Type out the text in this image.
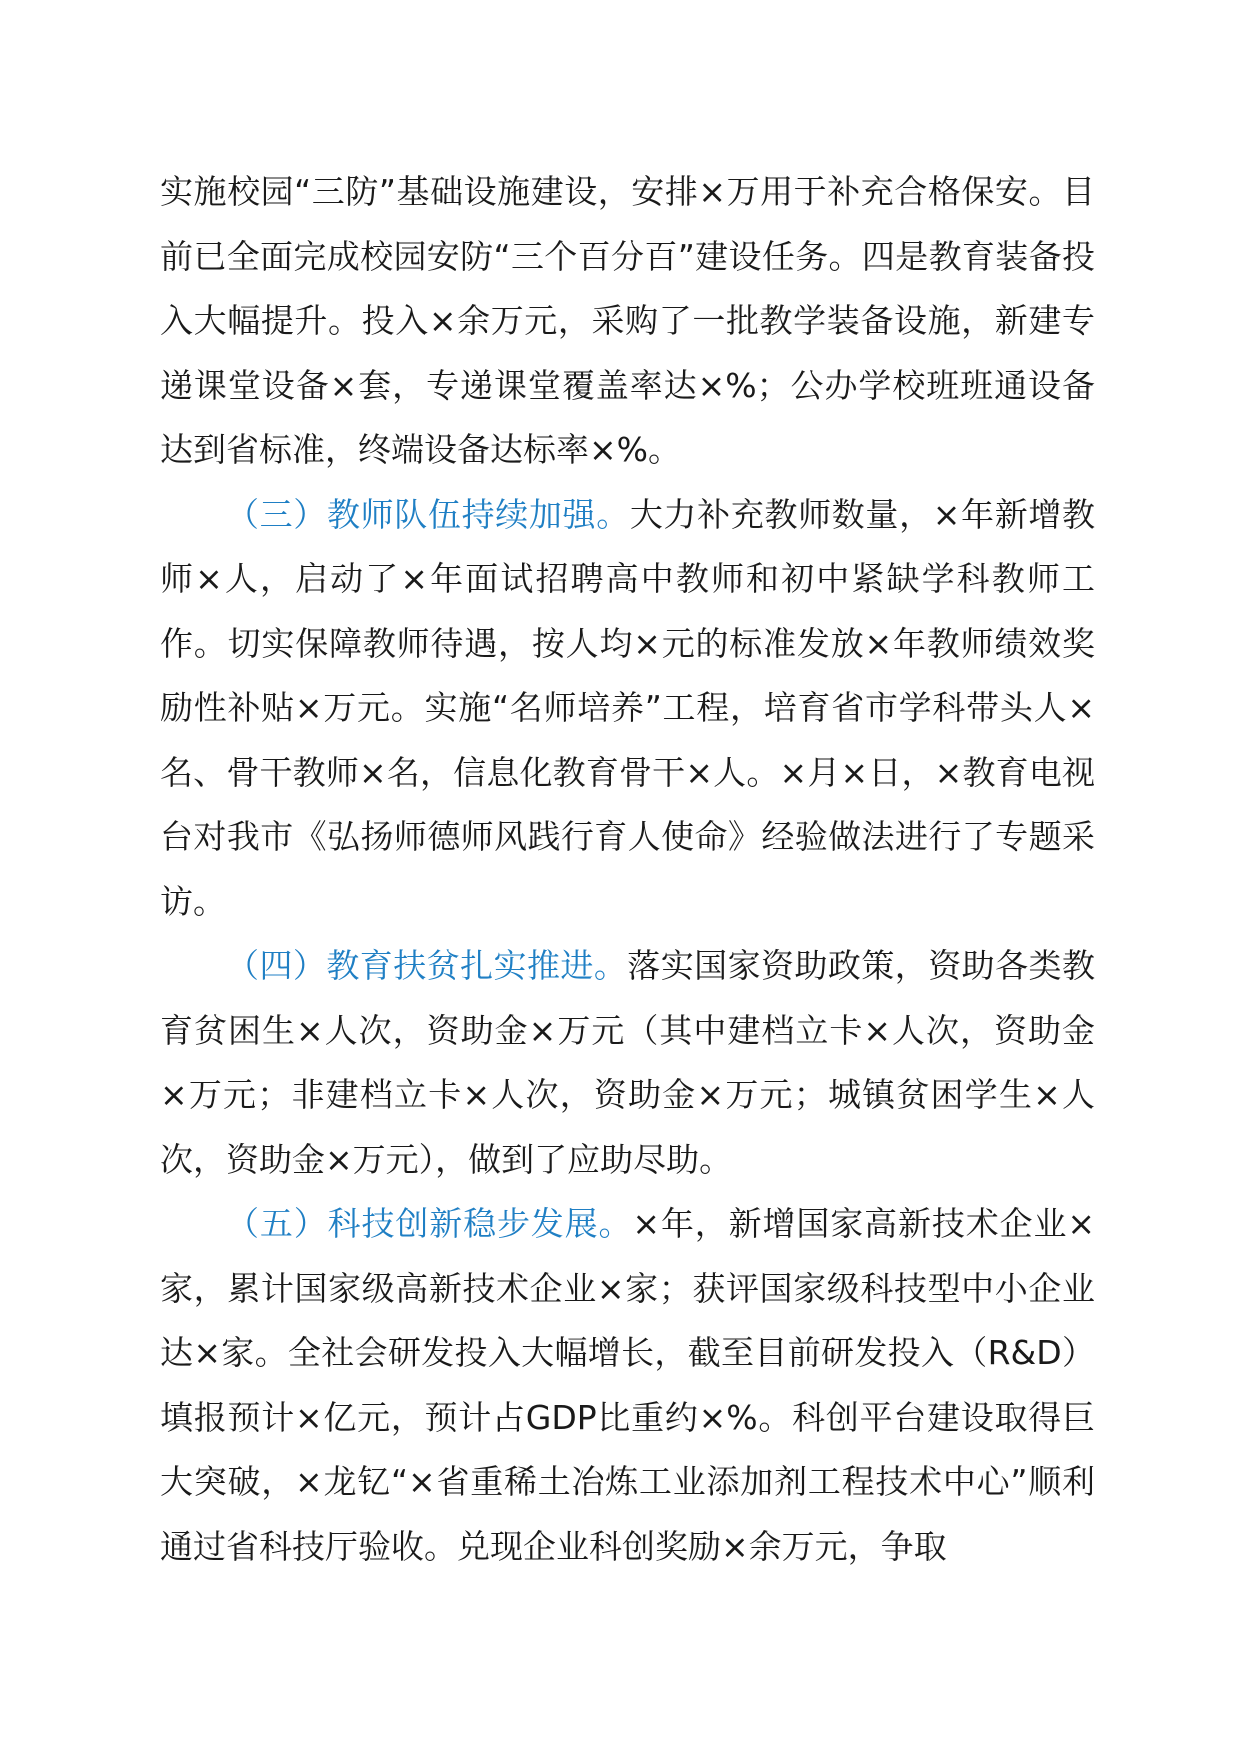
实施校园“三防”基础设施建设，安排×万用于补充合格保安。目前已全面完成校园安防“三个百分百”建设任务。四是教育装备投入大幅提升。投入×余万元，采购了一批教学装备设施，新建专递课堂设备×套，专递课堂覆盖率达×%；公办学校班班通设备达到省标准，终端设备达标率×%。

（三）教师队伍持续加强。大力补充教师数量，×年新增教师×人，启动了×年面试招聘高中教师和初中紧缺学科教师工作。切实保障教师待遇，按人均×元的标准发放×年教师绩效奖励性补贴×万元。实施“名师培养”工程，培育省市学科带头人×名、骨干教师×名，信息化教育骨干×人。×月×日，×教育电视台对我市《弘扬师德师风践行育人使命》经验做法进行了专题采访。

（四）教育扶贫扎实推进。落实国家资助政策，资助各类教育贫困生×人次，资助金×万元（其中建档立卡×人次，资助金×万元；非建档立卡×人次，资助金×万元；城镇贫困学生×人次，资助金×万元），做到了应助尽助。

（五）科技创新稳步发展。×年，新增国家高新技术企业×家，累计国家级高新技术企业×家；获评国家级科技型中小企业达×家。全社会研发投入大幅增长，截至目前研发投入（R&D）填报预计×亿元，预计占GDP比重约×%。科创平台建设取得巨大突破，×龙钇“×省重稀土冶炼工业添加剂工程技术中心”顺利通过省科技厅验收。兑现企业科创奖励×余万元，争取
